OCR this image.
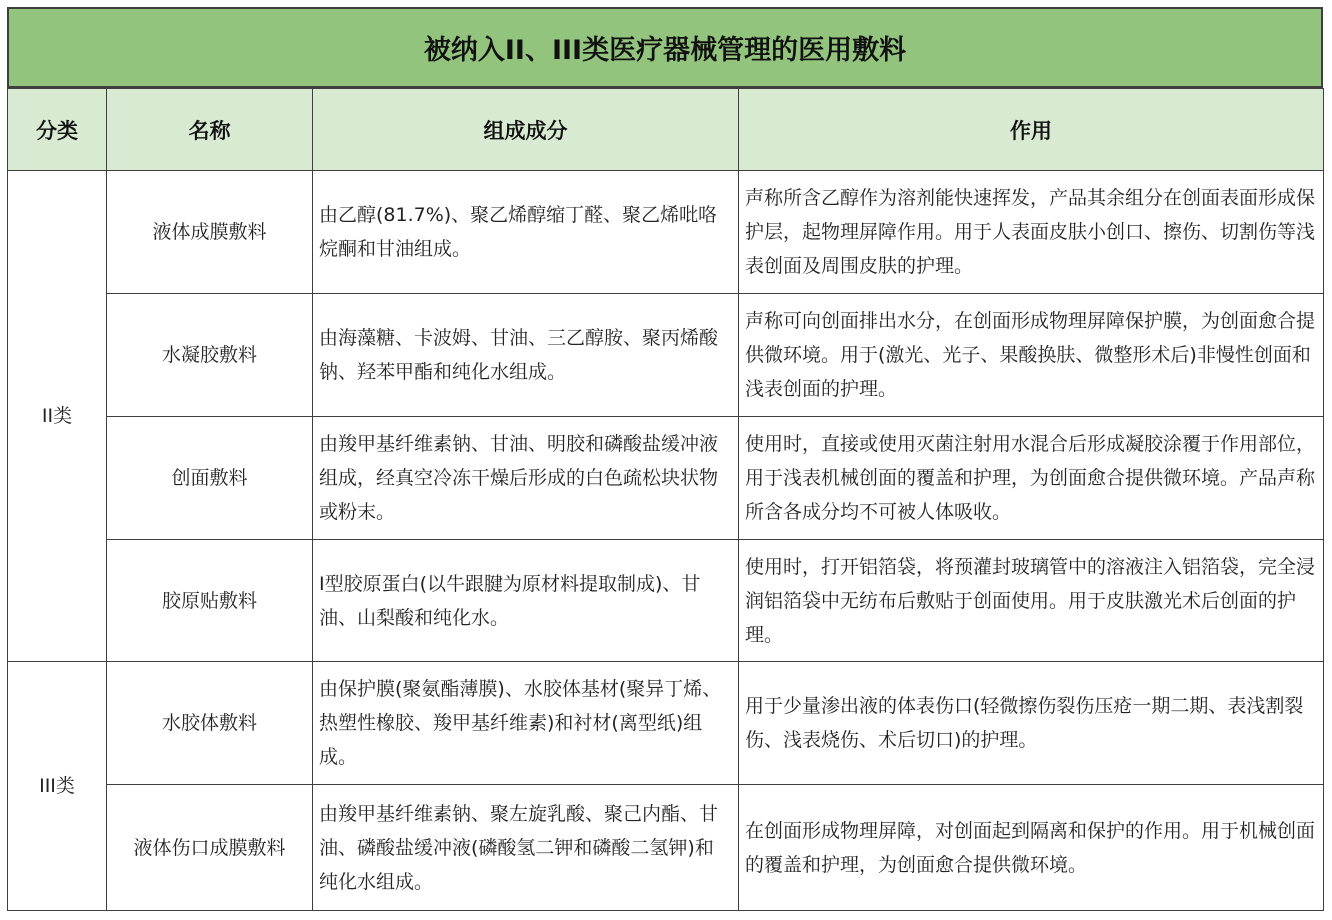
被纳入II、III类医疗器械管理的医用敷料
分类	名称	组成成分	作用
II类	液体成膜敷料	由乙醇(81.7%)、聚乙烯醇缩丁醛、聚乙烯吡咯烷酮和甘油组成。	声称所含乙醇作为溶剂能快速挥发，产品其余组分在创面表面形成保护层，起物理屏障作用。用于人表面皮肤小创口、擦伤、切割伤等浅表创面及周围皮肤的护理。
	水凝胶敷料	由海藻糖、卡波姆、甘油、三乙醇胺、聚丙烯酸钠、羟苯甲酯和纯化水组成。	声称可向创面排出水分，在创面形成物理屏障保护膜，为创面愈合提供微环境。用于(激光、光子、果酸换肤、微整形术后)非慢性创面和浅表创面的护理。
	创面敷料	由羧甲基纤维素钠、甘油、明胶和磷酸盐缓冲液组成，经真空冷冻干燥后形成的白色疏松块状物或粉末。	使用时，直接或使用灭菌注射用水混合后形成凝胶涂覆于作用部位，用于浅表机械创面的覆盖和护理，为创面愈合提供微环境。产品声称所含各成分均不可被人体吸收。
	胶原贴敷料	I型胶原蛋白(以牛跟腱为原材料提取制成)、甘油、山梨酸和纯化水。	使用时，打开铝箔袋，将预灌封玻璃管中的溶液注入铝箔袋，完全浸润铝箔袋中无纺布后敷贴于创面使用。用于皮肤激光术后创面的护理。
III类	水胶体敷料	由保护膜(聚氨酯薄膜)、水胶体基材(聚异丁烯、热塑性橡胶、羧甲基纤维素)和衬材(离型纸)组成。	用于少量渗出液的体表伤口(轻微擦伤裂伤压疮一期二期、表浅割裂伤、浅表烧伤、术后切口)的护理。
	液体伤口成膜敷料	由羧甲基纤维素钠、聚左旋乳酸、聚己内酯、甘油、磷酸盐缓冲液(磷酸氢二钾和磷酸二氢钾)和纯化水组成。	在创面形成物理屏障，对创面起到隔离和保护的作用。用于机械创面的覆盖和护理，为创面愈合提供微环境。
